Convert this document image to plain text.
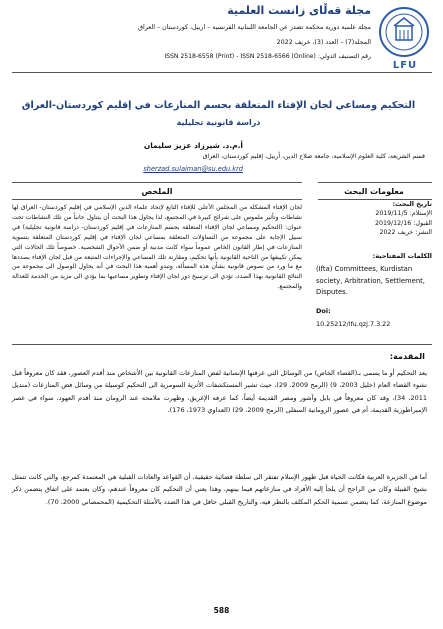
مجلة قەڵای زانست العلمية
مجلة علمية دورية محكمة تصدر عن الجامعة اللبنانية الفرنسية – اربيل، كوردستان – العراق
المجلد(7) – العدد (3)، خريف 2022
رقم التصنيف الدولي: ISSN 2518-6558 (Print) - ISSN 2518-6566 (Online)
LFU
التحكيم ومساعي لجان الإفتاء المتعلقة بحسم المنازعات في إقليم كوردستان-العراق
دراسة قانونية تحليلية
أ.م.د. شيرزاد عزيز سليمان
قسم الشريعة، كلية العلوم الإسلامية، جامعة صلاح الدين، أربيل، إقليم كوردستان، العراق
sherzad.sulaiman@su.edu.krd
الملخص	معلومات البحث
لجان الإفتاء المشكلة من المجلس الأعلى للإفتاء التابع لإتحاد علماء الدين الإسلامي في إقليم كوردستان- العراق لها نشاطات وتأثير ملموس على شرائح كبيرة في المجتمع، لذا يحاول هذا البحث أن يتناول جانباً من تلك النشاطات تحت عنوان: (التحكيم ومساعي لجان الإفتاء المتعلقة بحسم المنازعات في إقليم كوردستان- دراسة قانونية تحليلية) في سبيل الإجابة على مجموعة من التساؤلات المتعلقة بمساعي لجان الإفتاء في إقليم كوردستان المتعلقة بتسوية المنازعات في إطار القانون الخاص عموماً سواء كانت مدنية أو ضمن الأحوال الشخصية. خصوصاً تلك الحالات التي يمكن تكييفها من الناحية القانونية بأنها تحكيم، ومقارنة تلك المساعي والإجراءات المتبعة من قبل لجان الإفتاء بصددها مع ما ورد من نصوص قانونية بشأن هذه المسألة، وتبدو أهمية هذا البحث في أنه يحاول الوصول الى مجموعة من النتائج القانونية بهذا الصدد، تؤدي الى ترسيخ دور لجان الإفتاء وتطوير مساعيها بما يؤدي الى مزيد من الخدمة للعدالة والمجتمع.
تاريخ البحث:
الإستلام: 2019/11/5
القبول: 2019/12/16
النشر: خريف 2022
الكلمات المفتاحية:
(Ifta) Committees, Kurdistan society, Arbitration, Settlement, Disputes.
Doi:
10.25212/lfu.qzj.7.3.22
المقدمة:
يعد التحكيم أو ما يسمى بـ(القضاء الخاص) من الوسائل التي عرفتها الإنسانية لفض المنازعات القانونية بين الأشخاص منذ أقدم العصور، فقد كان معروفاً قبل نشوء القضاء العام (خليل 2003، 9) (الرمح 2009، 29)، حيث تشير المستكشفات الأثرية السومرية الى التحكيم كوسيلة من وسائل فض المنازعات (مندیل 2011، 34)، وقد كان معروفاً في بابل وآشور ومصر القديمة أيضاً، كما عرفه الإغريق، وظهرت ملامحه عند الرومان منذ أقدم العهود، سواء في عصر الإمبراطورية القديمة، أم في عصور الرومانية السفلى (الرمح 2009، 29) (العداوي 1973، 176).
أما في الجزيرة العربية فكانت الحياة قبل ظهور الإسلام تفتقر الى سلطة قضائية حقيقية، أن القواعد والعادات القبلية هي المعتمدة كمرجع، والتي كانت تتمثل بشيخ القبيلة وكان من الراجح أن يلجأ إليه الأفراد في منازعاتهم فيما بينهم، وهذا يعني أن التحكيم كان معروفاً عندهم، وكان يعتمد على اتفاق يتضمن ذكر موضوع المنازعة، كما يتضمن تسمية الحكم المكلف بالنظر فيه، والتاريخ القبلي حافل في هذا الصدد بالأمثلة التحكيمية (المحمصاني 2000، 70).
588
